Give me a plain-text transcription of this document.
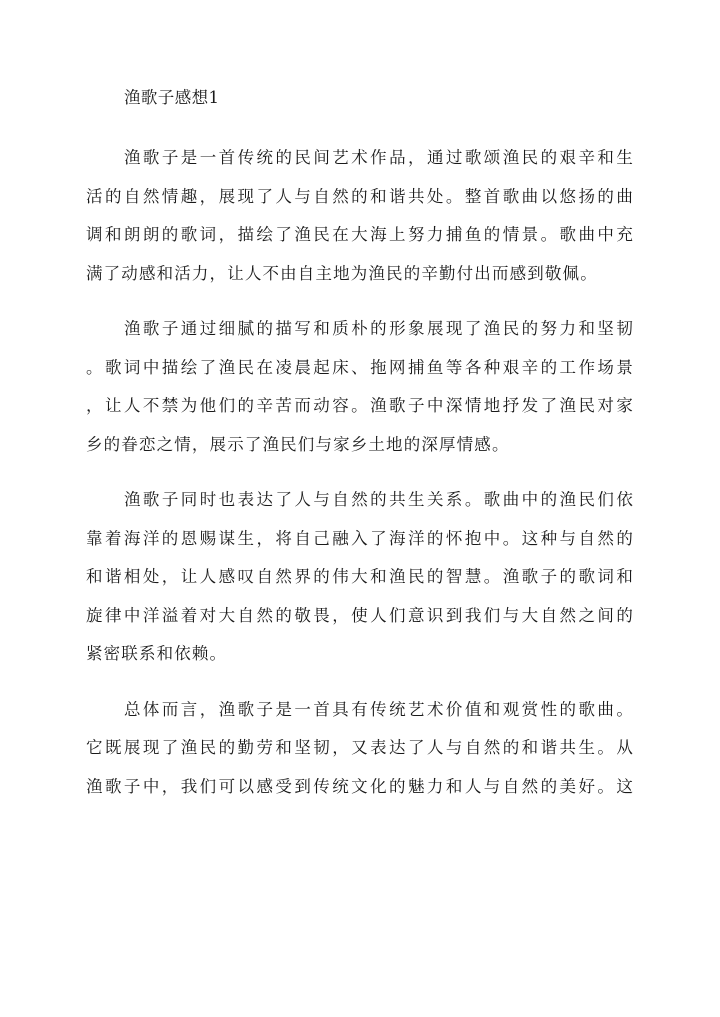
渔歌子感想1
渔歌子是一首传统的民间艺术作品，通过歌颂渔民的艰辛和生
活的自然情趣，展现了人与自然的和谐共处。整首歌曲以悠扬的曲
调和朗朗的歌词，描绘了渔民在大海上努力捕鱼的情景。歌曲中充
满了动感和活力，让人不由自主地为渔民的辛勤付出而感到敬佩。
渔歌子通过细腻的描写和质朴的形象展现了渔民的努力和坚韧
。歌词中描绘了渔民在凌晨起床、拖网捕鱼等各种艰辛的工作场景
，让人不禁为他们的辛苦而动容。渔歌子中深情地抒发了渔民对家
乡的眷恋之情，展示了渔民们与家乡土地的深厚情感。
渔歌子同时也表达了人与自然的共生关系。歌曲中的渔民们依
靠着海洋的恩赐谋生，将自己融入了海洋的怀抱中。这种与自然的
和谐相处，让人感叹自然界的伟大和渔民的智慧。渔歌子的歌词和
旋律中洋溢着对大自然的敬畏，使人们意识到我们与大自然之间的
紧密联系和依赖。
总体而言，渔歌子是一首具有传统艺术价值和观赏性的歌曲。
它既展现了渔民的勤劳和坚韧，又表达了人与自然的和谐共生。从
渔歌子中，我们可以感受到传统文化的魅力和人与自然的美好。这
